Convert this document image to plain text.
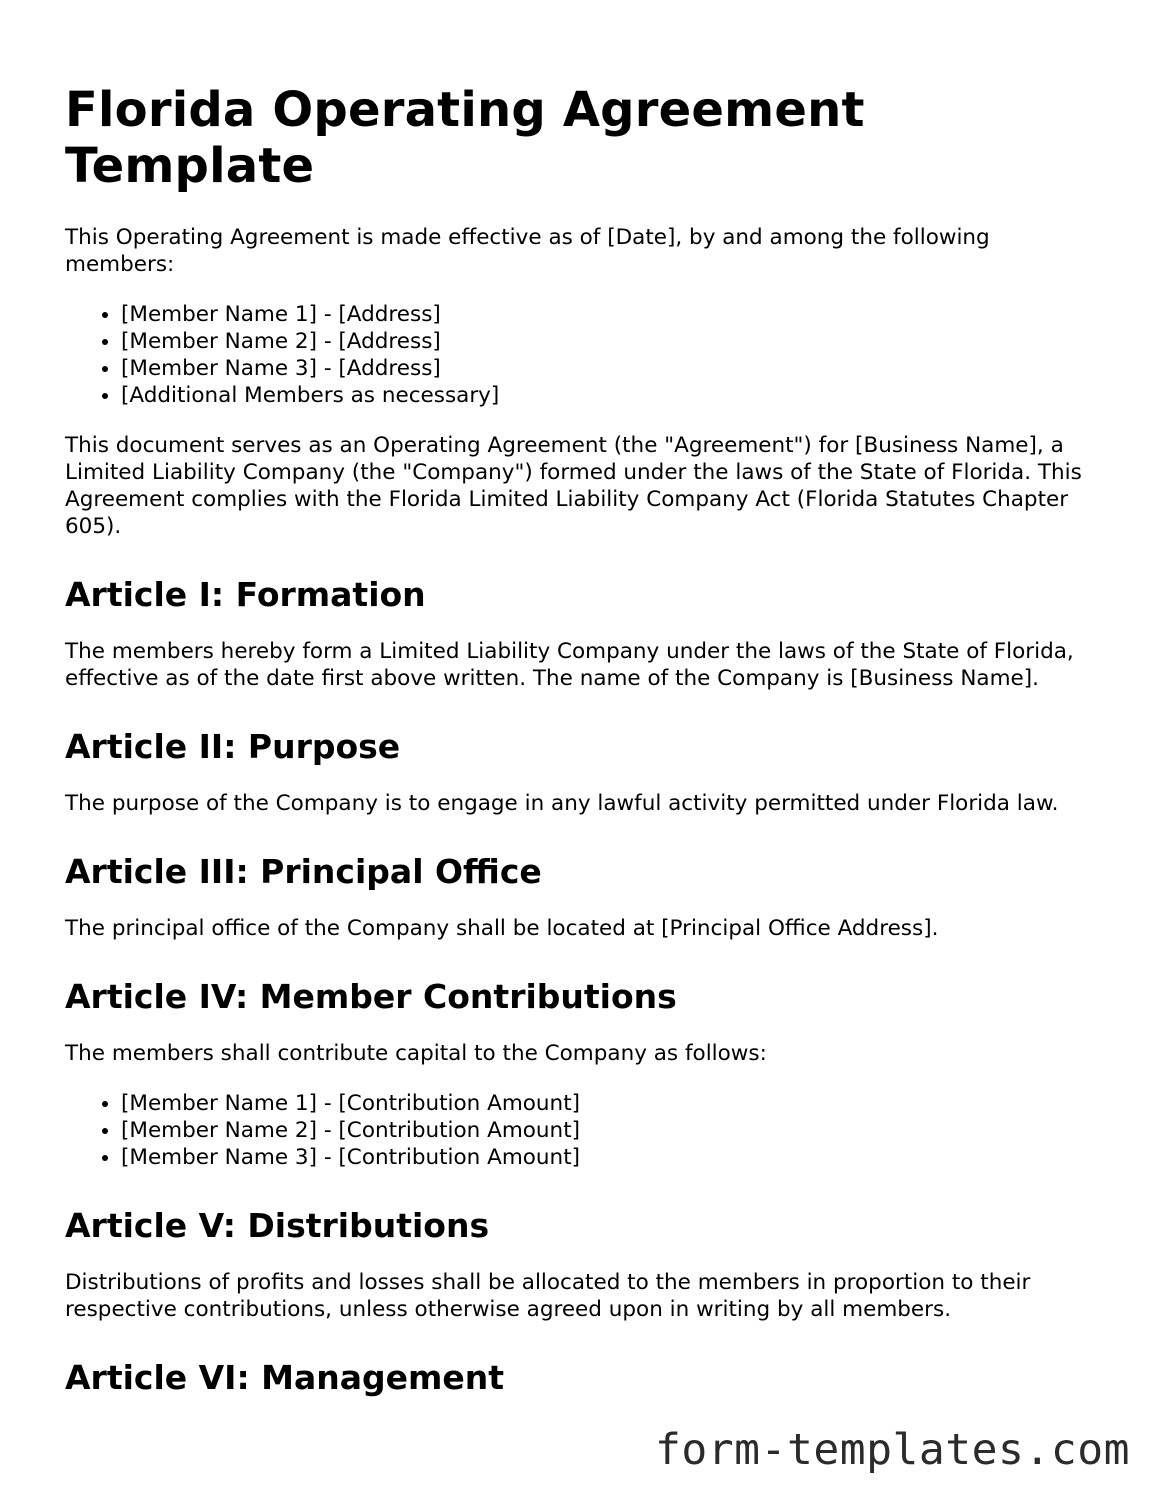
Florida Operating Agreement Template

This Operating Agreement is made effective as of [Date], by and among the following members:

• [Member Name 1] - [Address]
• [Member Name 2] - [Address]
• [Member Name 3] - [Address]
• [Additional Members as necessary]

This document serves as an Operating Agreement (the "Agreement") for [Business Name], a Limited Liability Company (the "Company") formed under the laws of the State of Florida. This Agreement complies with the Florida Limited Liability Company Act (Florida Statutes Chapter 605).

Article I: Formation

The members hereby form a Limited Liability Company under the laws of the State of Florida, effective as of the date first above written. The name of the Company is [Business Name].

Article II: Purpose

The purpose of the Company is to engage in any lawful activity permitted under Florida law.

Article III: Principal Office

The principal office of the Company shall be located at [Principal Office Address].

Article IV: Member Contributions

The members shall contribute capital to the Company as follows:

• [Member Name 1] - [Contribution Amount]
• [Member Name 2] - [Contribution Amount]
• [Member Name 3] - [Contribution Amount]
Article V: Distributions

Distributions of profits and losses shall be allocated to the members in proportion to their respective contributions, unless otherwise agreed upon in writing by all members.

Article VI: Management
form-templates.com
